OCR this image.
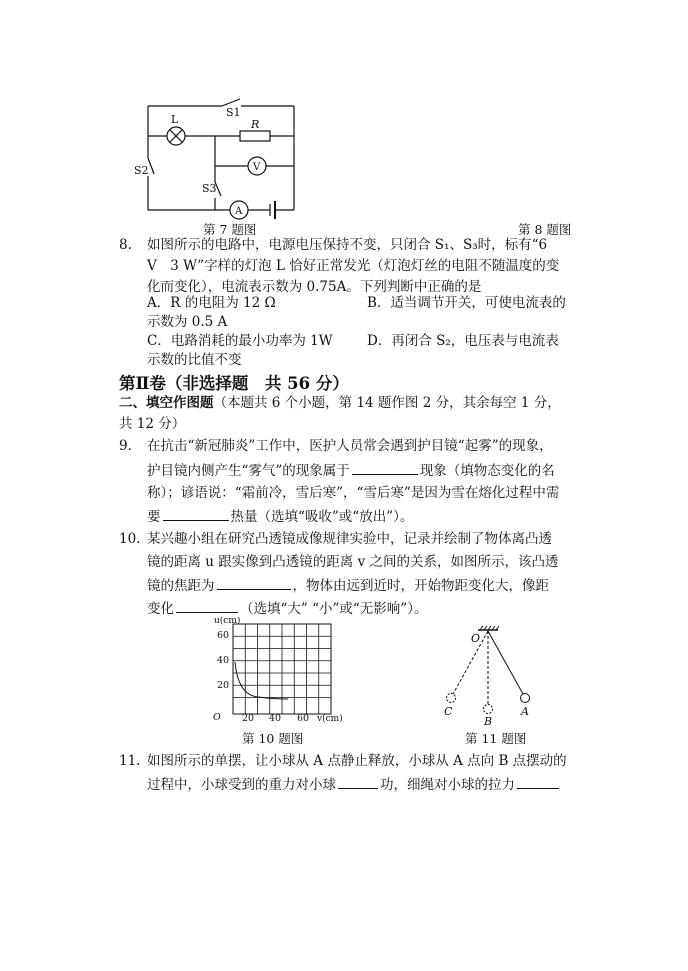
S1
L	R
V
A
S2
S3
第 7 题图	第 8 题图
8. 如图所示的电路中，电源电压保持不变，只闭合 S₁、S₃时，标有“6
V　3 W”字样的灯泡 L 恰好正常发光（灯泡灯丝的电阻不随温度的变
化而变化），电流表示数为 0.75A。下列判断中正确的是
A．R 的电阻为 12 Ω	B．适当调节开关，可使电流表的
示数为 0.5 A
C．电路消耗的最小功率为 1W	D．再闭合 S₂，电压表与电流表
示数的比值不变
第Ⅱ卷（非选择题　共 56 分）
二、填空作图题（本题共 6 个小题，第 14 题作图 2 分，其余每空 1 分，
共 12 分）
9. 在抗击“新冠肺炎”工作中，医护人员常会遇到护目镜“起雾”的现象，
护目镜内侧产生“雾气”的现象属于	现象（填物态变化的名
称）；谚语说：“霜前冷，雪后寒”，“雪后寒”是因为雪在熔化过程中需
要	热量（选填“吸收”或“放出”）。
10. 某兴趣小组在研究凸透镜成像规律实验中，记录并绘制了物体离凸透
镜的距离 u 跟实像到凸透镜的距离 v 之间的关系，如图所示，该凸透
镜的焦距为	，物体由远到近时，开始物距变化大，像距
变化	（选填“大” “小”或“无影响”）。
u(cm)
60
40
20
O 20 40 60 v(cm)
第 10 题图
O
C
B
A
第 11 题图
11. 如图所示的单摆，让小球从 A 点静止释放，小球从 A 点向 B 点摆动的
过程中，小球受到的重力对小球	功，细绳对小球的拉力
